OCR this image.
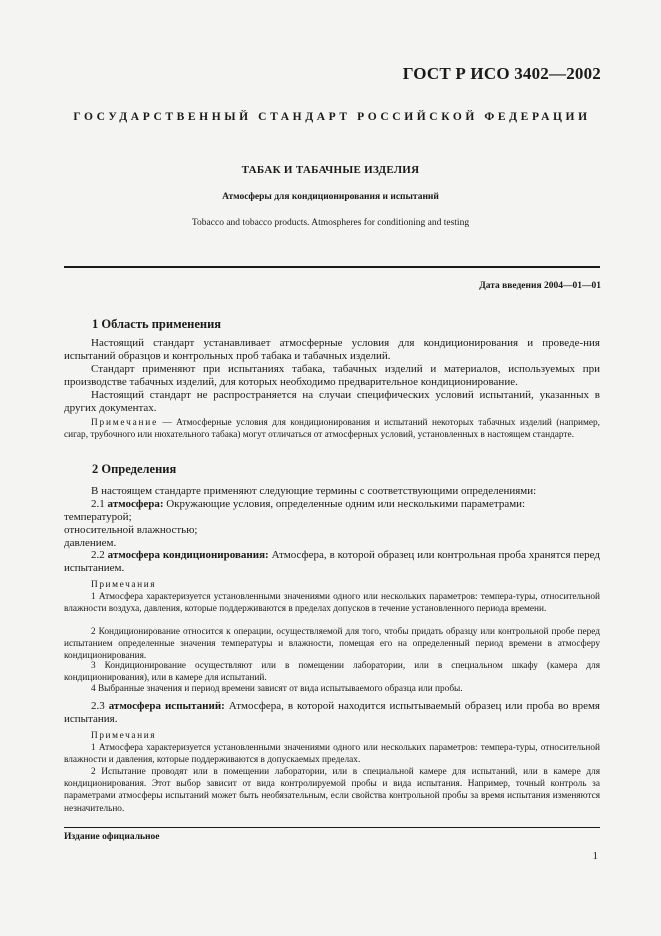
ГОСТ Р ИСО 3402—2002
ГОСУДАРСТВЕННЫЙ СТАНДАРТ РОССИЙСКОЙ ФЕДЕРАЦИИ
ТАБАК И ТАБАЧНЫЕ ИЗДЕЛИЯ
Атмосферы для кондиционирования и испытаний
Tobacco and tobacco products. Atmospheres for conditioning and testing
Дата введения 2004—01—01
1 Область применения
Настоящий стандарт устанавливает атмосферные условия для кондиционирования и проведе-ния испытаний образцов и контрольных проб табака и табачных изделий.
Стандарт применяют при испытаниях табака, табачных изделий и материалов, используемых при производстве табачных изделий, для которых необходимо предварительное кондиционирование.
Настоящий стандарт не распространяется на случаи специфических условий испытаний, указанных в других документах.
Примечание — Атмосферные условия для кондиционирования и испытаний некоторых табачных изделий (например, сигар, трубочного или нюхательного табака) могут отличаться от атмосферных условий, установленных в настоящем стандарте.
2 Определения
В настоящем стандарте применяют следующие термины с соответствующими определениями:
2.1 атмосфера: Окружающие условия, определенные одним или несколькими параметрами:
температурой;
относительной влажностью;
давлением.
2.2 атмосфера кондиционирования: Атмосфера, в которой образец или контрольная проба хранятся перед испытанием.
Примечания
1 Атмосфера характеризуется установленными значениями одного или нескольких параметров: темпера-туры, относительной влажности воздуха, давления, которые поддерживаются в пределах допусков в течение установленного периода времени.
2 Кондиционирование относится к операции, осуществляемой для того, чтобы придать образцу или контрольной пробе перед испытанием определенные значения температуры и влажности, помещая его на определенный период времени в атмосферу кондиционирования.
3 Кондиционирование осуществляют или в помещении лаборатории, или в специальном шкафу (камера для кондиционирования), или в камере для испытаний.
4 Выбранные значения и период времени зависят от вида испытываемого образца или пробы.
2.3 атмосфера испытаний: Атмосфера, в которой находится испытываемый образец или проба во время испытания.
Примечания
1 Атмосфера характеризуется установленными значениями одного или нескольких параметров: темпера-туры, относительной влажности и давления, которые поддерживаются в допускаемых пределах.
2 Испытание проводят или в помещении лаборатории, или в специальной камере для испытаний, или в камере для кондиционирования. Этот выбор зависит от вида контролируемой пробы и вида испытания. Например, точный контроль за параметрами атмосферы испытаний может быть необязательным, если свойства контрольной пробы за время испытания изменяются незначительно.
Издание официальное
1
